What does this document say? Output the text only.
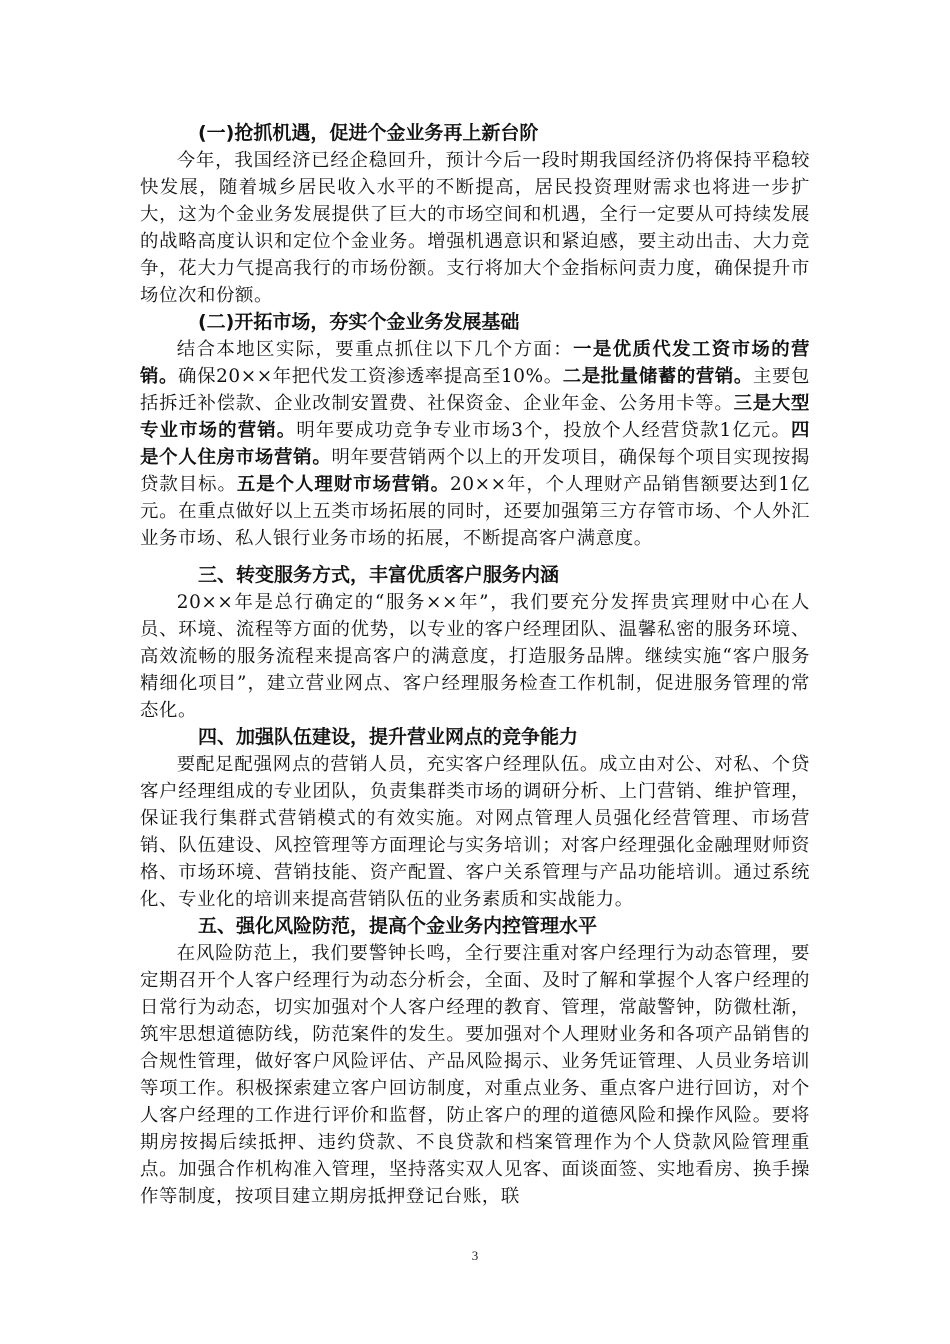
(一)抢抓机遇，促进个金业务再上新台阶

今年，我国经济已经企稳回升，预计今后一段时期我国经济仍将保持平稳较快发展，随着城乡居民收入水平的不断提高，居民投资理财需求也将进一步扩大，这为个金业务发展提供了巨大的市场空间和机遇，全行一定要从可持续发展的战略高度认识和定位个金业务。增强机遇意识和紧迫感，要主动出击、大力竞争，花大力气提高我行的市场份额。支行将加大个金指标问责力度，确保提升市场位次和份额。

(二)开拓市场，夯实个金业务发展基础

结合本地区实际，要重点抓住以下几个方面：一是优质代发工资市场的营销。确保20××年把代发工资渗透率提高至10%。二是批量储蓄的营销。主要包括拆迁补偿款、企业改制安置费、社保资金、企业年金、公务用卡等。三是大型专业市场的营销。明年要成功竞争专业市场3个，投放个人经营贷款1亿元。四是个人住房市场营销。明年要营销两个以上的开发项目，确保每个项目实现按揭贷款目标。五是个人理财市场营销。20××年，个人理财产品销售额要达到1亿元。在重点做好以上五类市场拓展的同时，还要加强第三方存管市场、个人外汇业务市场、私人银行业务市场的拓展，不断提高客户满意度。

三、转变服务方式，丰富优质客户服务内涵

20××年是总行确定的“服务××年”，我们要充分发挥贵宾理财中心在人员、环境、流程等方面的优势，以专业的客户经理团队、温馨私密的服务环境、高效流畅的服务流程来提高客户的满意度，打造服务品牌。继续实施“客户服务精细化项目”，建立营业网点、客户经理服务检查工作机制，促进服务管理的常态化。

四、加强队伍建设，提升营业网点的竞争能力

要配足配强网点的营销人员，充实客户经理队伍。成立由对公、对私、个贷客户经理组成的专业团队，负责集群类市场的调研分析、上门营销、维护管理，保证我行集群式营销模式的有效实施。对网点管理人员强化经营管理、市场营销、队伍建设、风控管理等方面理论与实务培训；对客户经理强化金融理财师资格、市场环境、营销技能、资产配置、客户关系管理与产品功能培训。通过系统化、专业化的培训来提高营销队伍的业务素质和实战能力。

五、强化风险防范，提高个金业务内控管理水平

在风险防范上，我们要警钟长鸣，全行要注重对客户经理行为动态管理，要定期召开个人客户经理行为动态分析会，全面、及时了解和掌握个人客户经理的日常行为动态，切实加强对个人客户经理的教育、管理，常敲警钟，防微杜渐，筑牢思想道德防线，防范案件的发生。要加强对个人理财业务和各项产品销售的合规性管理，做好客户风险评估、产品风险揭示、业务凭证管理、人员业务培训等项工作。积极探索建立客户回访制度，对重点业务、重点客户进行回访，对个人客户经理的工作进行评价和监督，防止客户的理的道德风险和操作风险。要将期房按揭后续抵押、违约贷款、不良贷款和档案管理作为个人贷款风险管理重点。加强合作机构准入管理，坚持落实双人见客、面谈面签、实地看房、换手操作等制度，按项目建立期房抵押登记台账，联

3
